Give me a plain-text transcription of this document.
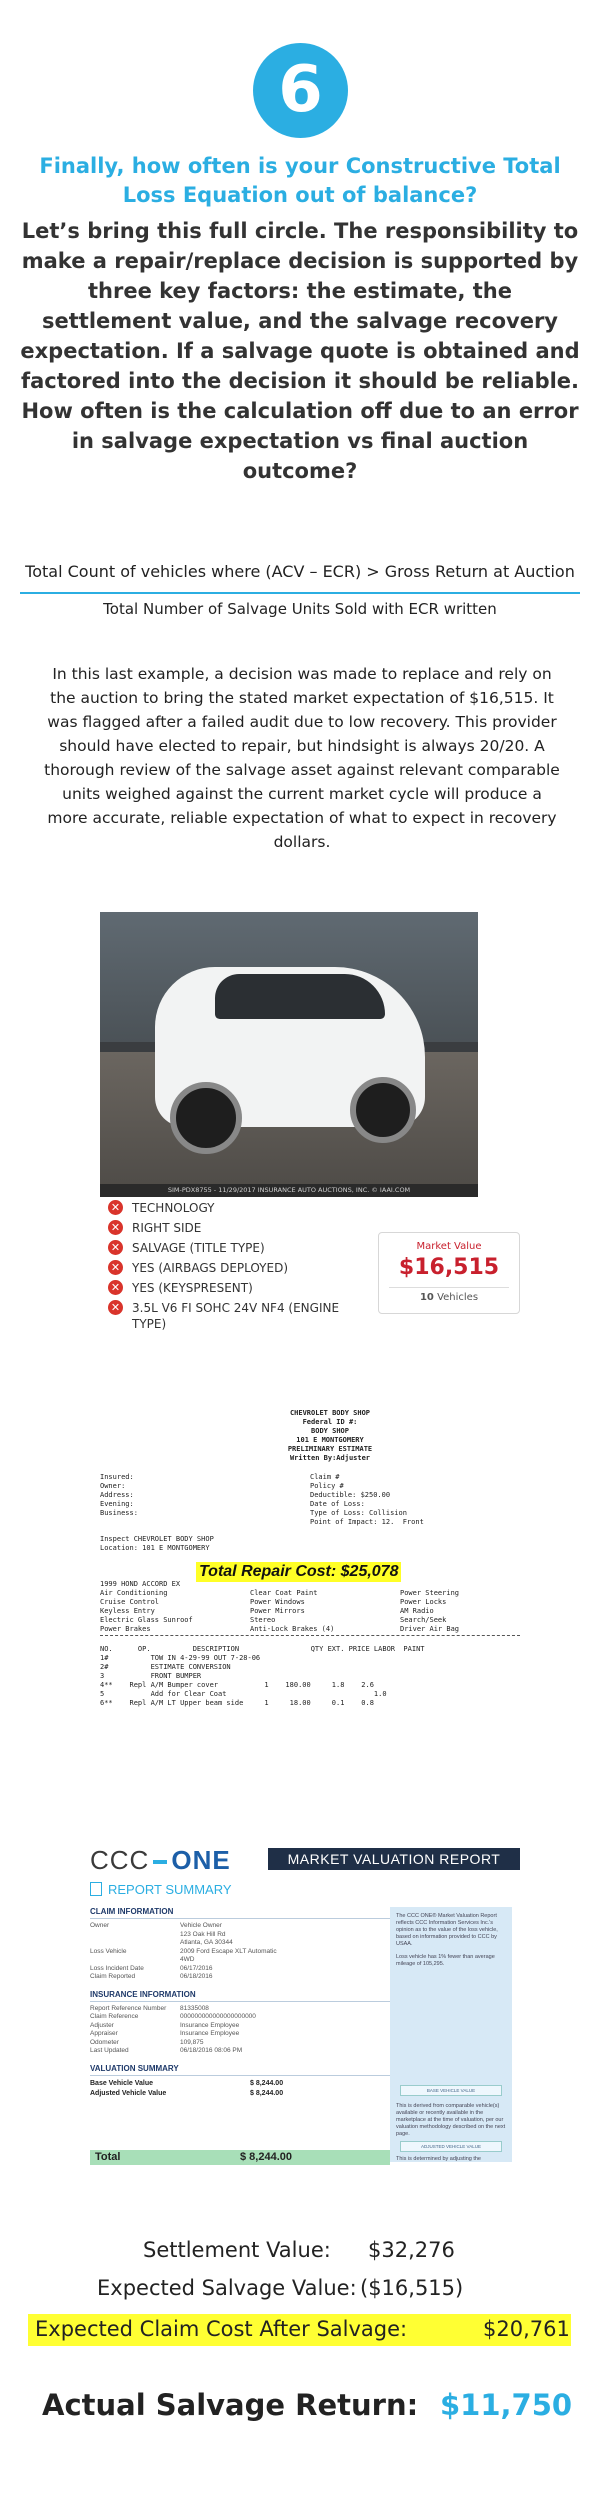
6
Finally, how often is your Constructive Total Loss Equation out of balance?
Let’s bring this full circle. The responsibility to make a repair/replace decision is supported by three key factors: the estimate, the settlement value, and the salvage recovery expectation. If a salvage quote is obtained and factored into the decision it should be reliable. How often is the calculation off due to an error in salvage expectation vs final auction outcome?
Total Count of vehicles where (ACV – ECR) > Gross Return at Auction
Total Number of Salvage Units Sold with ECR written
In this last example, a decision was made to replace and rely on the auction to bring the stated market expectation of $16,515. It was flagged after a failed audit due to low recovery. This provider should have elected to repair, but hindsight is always 20/20. A thorough review of the salvage asset against relevant comparable units weighed against the current market cycle will produce a more accurate, reliable expectation of what to expect in recovery dollars.
SIM-PDX8755 - 11/29/2017 INSURANCE AUTO AUCTIONS, INC. © IAAI.COM
✕ TECHNOLOGY
✕ RIGHT SIDE
✕ SALVAGE (TITLE TYPE)
✕ YES (AIRBAGS DEPLOYED)
✕ YES (KEYSPRESENT)
✕ 3.5L V6 FI SOHC 24V NF4 (ENGINE TYPE)
Market Value
$16,515
10 Vehicles
CHEVROLET BODY SHOP
Federal ID #:
BODY SHOP
101 E MONTGOMERY
PRELIMINARY ESTIMATE
Written By:Adjuster
Insured:
Owner:
Address:
Evening:
Business:
Claim #
Policy #
Deductible: $250.00
Date of Loss:
Type of Loss: Collision
Point of Impact: 12.  Front
Inspect CHEVROLET BODY SHOP
Location: 101 E MONTGOMERY
Total Repair Cost: $25,078
1999 HOND ACCORD EX
Air Conditioning
Cruise Control
Keyless Entry
Electric Glass Sunroof
Power Brakes
Clear Coat Paint
Power Windows
Power Mirrors
Stereo
Anti-Lock Brakes (4)
Power Steering
Power Locks
AM Radio
Search/Seek
Driver Air Bag
NO.      OP.          DESCRIPTION                 QTY EXT. PRICE LABOR  PAINT
1#          TOW IN 4-29-99 OUT 7-28-06
2#          ESTIMATE CONVERSION
3           FRONT BUMPER
4**    Repl A/M Bumper cover           1    180.00     1.8    2.6
5           Add for Clear Coat                                   1.0
6**    Repl A/M LT Upper beam side     1     18.00     0.1    0.8
CCC ONE	MARKET VALUATION REPORT
REPORT SUMMARY
CLAIM INFORMATION
Owner	Vehicle Owner
123 Oak Hill Rd
Atlanta, GA 30344
Loss Vehicle	2009 Ford Escape XLT Automatic
4WD
Loss Incident Date	06/17/2016
Claim Reported	06/18/2016
INSURANCE INFORMATION
Report Reference Number	81335008
Claim Reference	000000000000000000000
Adjuster	Insurance Employee
Appraiser	Insurance Employee
Odometer	109,875
Last Updated	06/18/2016 08:06 PM
VALUATION SUMMARY
Base Vehicle Value	$ 8,244.00
Adjusted Vehicle Value	$ 8,244.00
Total	$ 8,244.00
The CCC ONE® Market Valuation Report reflects CCC Information Services Inc.'s opinion as to the value of the loss vehicle, based on information provided to CCC by USAA.
Loss vehicle has 1% fewer than average mileage of 105,295.
BASE VEHICLE VALUE
This is derived from comparable vehicle(s) available or recently available in the marketplace at the time of valuation, per our valuation methodology described on the next page.
ADJUSTED VEHICLE VALUE
This is determined by adjusting the
Settlement Value: $32,276
Expected Salvage Value: ($16,515)
Expected Claim Cost After Salvage:	$20,761
Actual Salvage Return: $11,750
